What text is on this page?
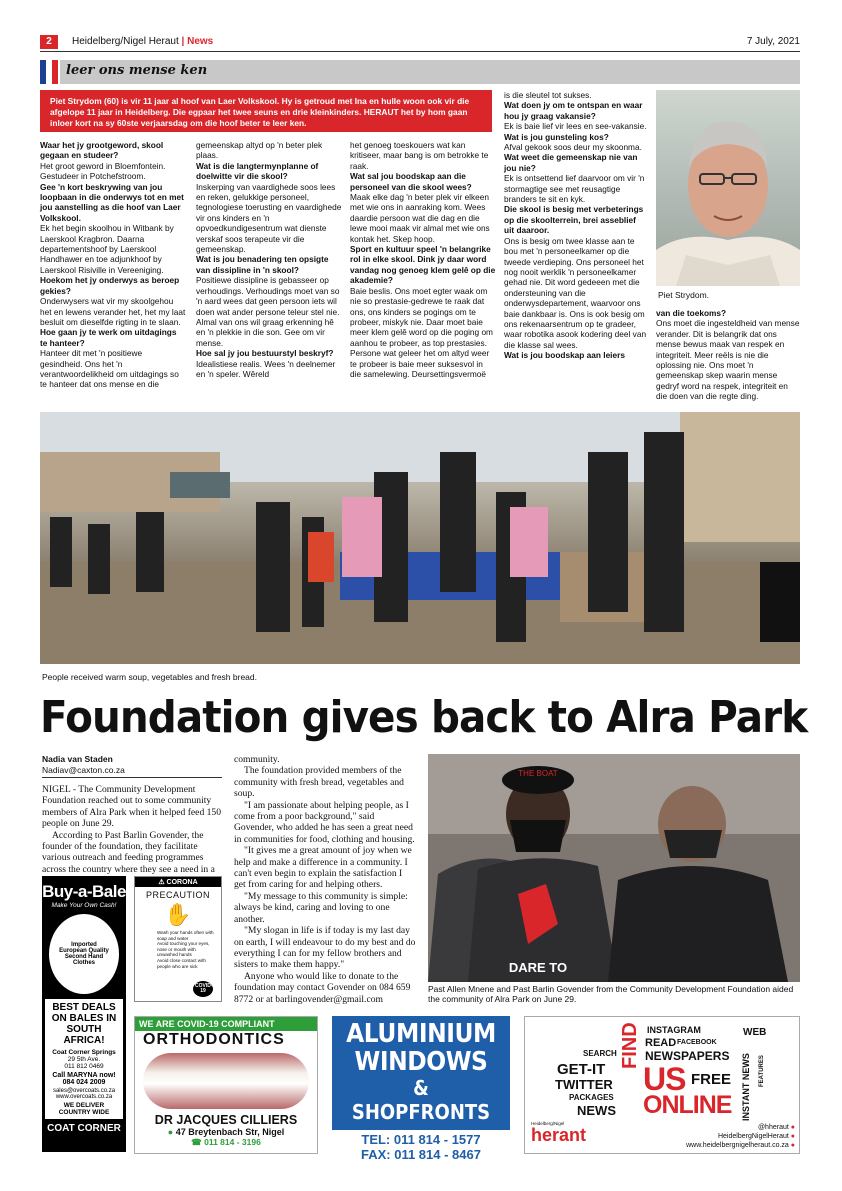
2	Heidelberg/Nigel Heraut | News	7 July, 2021
leer ons mense ken
Piet Strydom (60) is vir 11 jaar al hoof van Laer Volkskool. Hy is getroud met Ina en hulle woon ook vir die afgelope 11 jaar in Heidelberg. Die egpaar het twee seuns en drie kleinkinders. HERAUT het by hom gaan inloer kort na sy 60ste verjaarsdag om die hoof beter te leer ken.

Waar het jy grootgeword, skool gegaan en studeer?

Het groot geword in Bloemfontein. Gestudeer in Potchefstroom.

Gee 'n kort beskrywing van jou loopbaan in die onderwys tot en met jou aanstelling as die hoof van Laer Volkskool.

Ek het begin skoolhou in Witbank by Laerskool Kragbron. Daarna departementshoof by Laerskool Handhawer en toe adjunkhoof by Laerskool Risiville in Vereeniging.

Hoekom het jy onderwys as beroep gekies?

Onderwysers wat vir my skoolgehou het en lewens verander het, het my laat besluit om dieselfde rigting in te slaan.

Hoe gaan jy te werk om uitdagings te hanteer?

Hanteer dit met 'n positiewe gesindheid. Ons het 'n verantwoordelikheid om uitdagings so te hanteer dat ons mense en die

gemeenskap altyd op 'n beter plek plaas.

Wat is die langtermynplanne of doelwitte vir die skool?

Inskerping van vaardighede soos lees en reken, gelukkige personeel, tegnologiese toerusting en vaardighede vir ons kinders en 'n opvoedkundigesentrum wat dienste verskaf soos terapeute vir die gemeenskap.

Wat is jou benadering ten opsigte van dissipline in 'n skool?

Positiewe dissipline is gebasseer op verhoudings. Verhoudings moet van so 'n aard wees dat geen persoon iets wil doen wat ander persone teleur stel nie. Almal van ons wil graag erkenning hê en 'n plekkie in die son. Gee om vir mense.

Hoe sal jy jou bestuurstyl beskryf?

Idealistiese realis. Wees 'n deelnemer en 'n speler. Wêreld

het genoeg toeskouers wat kan kritiseer, maar bang is om betrokke te raak.

Wat sal jou boodskap aan die personeel van die skool wees?

Maak elke dag 'n beter plek vir elkeen met wie ons in aanraking kom. Wees daardie persoon wat die dag en die lewe mooi maak vir almal met wie ons kontak het. Skep hoop.

Sport en kultuur speel 'n belangrike rol in elke skool. Dink jy daar word vandag nog genoeg klem gelê op die akademie?

Baie beslis. Ons moet egter waak om nie so prestasie-gedrewe te raak dat ons, ons kinders se pogings om te probeer, miskyk nie. Daar moet baie meer klem gelê word op die poging om aanhou te probeer, as top prestasies. Persone wat geleer het om altyd weer te probeer is baie meer suksesvol in die samelewing. Deursettingsvermoë

is die sleutel tot sukses.

Wat doen jy om te ontspan en waar hou jy graag vakansie?

Ek is baie lief vir lees en see-vakansie.

Wat is jou gunsteling kos?

Afval gekook soos deur my skoonma.

Wat weet die gemeenskap nie van jou nie?

Ek is ontsettend lief daarvoor om vir 'n stormagtige see met reusagtige branders te sit en kyk.

Die skool is besig met verbeterings op die skoolterrein, brei asseblief uit daaroor.

Ons is besig om twee klasse aan te bou met 'n personeelkamer op die tweede verdieping. Ons personeel het nog nooit werklik 'n personeelkamer gehad nie. Dit word gedeeen met die ondersteuning van die onderwysdepartement, waarvoor ons baie dankbaar is. Ons is ook besig om ons rekenaarsentrum op te gradeer, waar robotika asook kodering deel van die klasse sal wees.

Wat is jou boodskap aan leiers

van die toekoms?

Ons moet die ingesteldheid van mense verander. Dit is belangrik dat ons mense bewus maak van respek en integriteit. Meer reëls is nie die oplossing nie. Ons moet 'n gemeenskap skep waarin mense gedryf word na respek, integriteit en die doen van die regte ding.

Piet Strydom.
People received warm soup, vegetables and fresh bread.
Foundation gives back to Alra Park
Nadia van Staden
Nadiav@caxton.co.za

NIGEL - The Community Development Foundation reached out to some community members of Alra Park when it helped feed 150 people on June 29.

According to Past Barlin Govender, the founder of the foundation, they facilitate various outreach and feeding programmes across the country where they see a need in a

community.

The foundation provided members of the community with fresh bread, vegetables and soup.

"I am passionate about helping people, as I come from a poor background," said Govender, who added he has seen a great need in communities for food, clothing and housing.

"It gives me a great amount of joy when we help and make a difference in a community. I can't even begin to explain the satisfaction I get from caring for and helping others.

"My message to this community is simple: always be kind, caring and loving to one another.

"My slogan in life is if today is my last day on earth, I will endeavour to do my best and do everything I can for my fellow brothers and sisters to make them happy."

Anyone who would like to donate to the foundation may contact Govender on 084 659 8772 or at barlingovender@gmail.com

THE BOAT
DARE TO
Past Allen Mnene and Past Barlin Govender from the Community Development Foundation aided the community of Alra Park on June 29.
Buy-a-Bale
Make Your Own Cash!
Imported European Quality Second Hand Clothes
BEST DEALS ON BALES IN SOUTH AFRICA!
Coat Corner Springs
29 5th Ave.
011 812 0469
Call MARYNA now!
084 024 2009
sales@overcoats.co.za
www.overcoats.co.za
WE DELIVER COUNTRY WIDE
COAT CORNER
⚠ CORONA
PRECAUTION
✋
Wash your hands often with soap and water
Avoid touching your eyes, nose or mouth with unwashed hands
Avoid close contact with people who are sick
COVID-19
WE ARE COVID-19 COMPLIANT
ORTHODONTICS
DR JACQUES CILLIERS
● 47 Breytenbach Str, Nigel
☎ 011 814 - 3196
ALUMINIUM
WINDOWS
& SHOPFRONTS
TEL: 011 814 - 1577
FAX: 011 814 - 8467
info@alushop.co.za | www.alushop.co.za
INSTAGRAM
READ FACEBOOK
SEARCH NEWSPAPERS
GET-IT
TWITTER
PACKAGES
NEWS
FIND
US FREE
ONLINE
WEB
INSTANT NEWS FEATURES
Heidelberg/Nigel
herant	@hheraut ●
HeidelbergNigelHeraut ●
www.heidelbergnigelheraut.co.za ●
